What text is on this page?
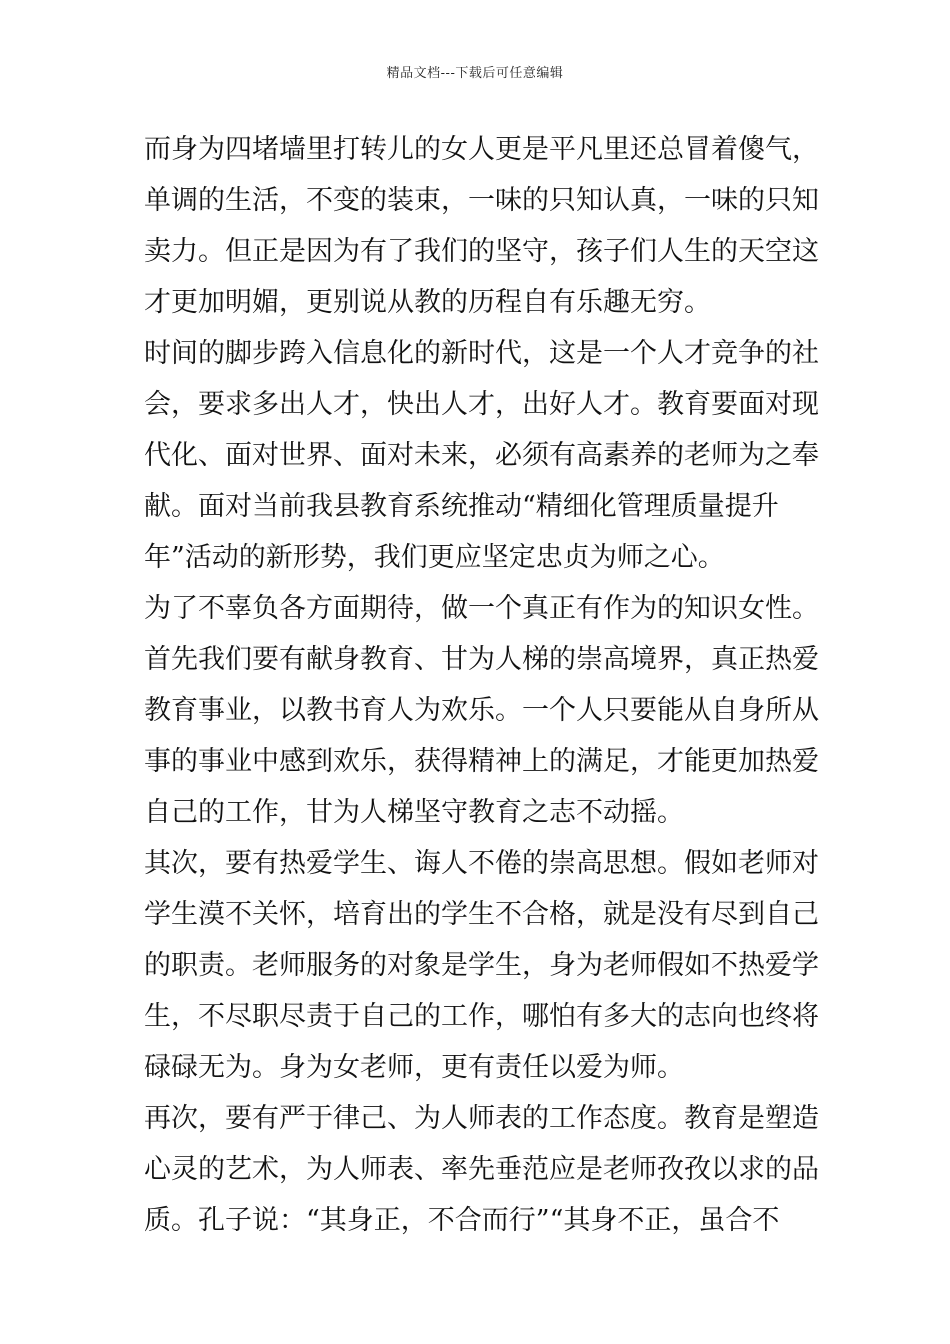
精品文档---下载后可任意编辑
而身为四堵墙里打转儿的女人更是平凡里还总冒着傻气，
单调的生活，不变的装束，一味的只知认真，一味的只知
卖力。但正是因为有了我们的坚守，孩子们人生的天空这
才更加明媚，更别说从教的历程自有乐趣无穷。
时间的脚步跨入信息化的新时代，这是一个人才竞争的社
会，要求多出人才，快出人才，出好人才。教育要面对现
代化、面对世界、面对未来，必须有高素养的老师为之奉
献。面对当前我县教育系统推动“精细化管理质量提升
年”活动的新形势，我们更应坚定忠贞为师之心。
为了不辜负各方面期待，做一个真正有作为的知识女性。
首先我们要有献身教育、甘为人梯的崇高境界，真正热爱
教育事业，以教书育人为欢乐。一个人只要能从自身所从
事的事业中感到欢乐，获得精神上的满足，才能更加热爱
自己的工作，甘为人梯坚守教育之志不动摇。
其次，要有热爱学生、诲人不倦的崇高思想。假如老师对
学生漠不关怀，培育出的学生不合格，就是没有尽到自己
的职责。老师服务的对象是学生，身为老师假如不热爱学
生，不尽职尽责于自己的工作，哪怕有多大的志向也终将
碌碌无为。身为女老师，更有责任以爱为师。
再次，要有严于律己、为人师表的工作态度。教育是塑造
心灵的艺术，为人师表、率先垂范应是老师孜孜以求的品
质。孔子说：“其身正，不合而行”“其身不正，虽合不
